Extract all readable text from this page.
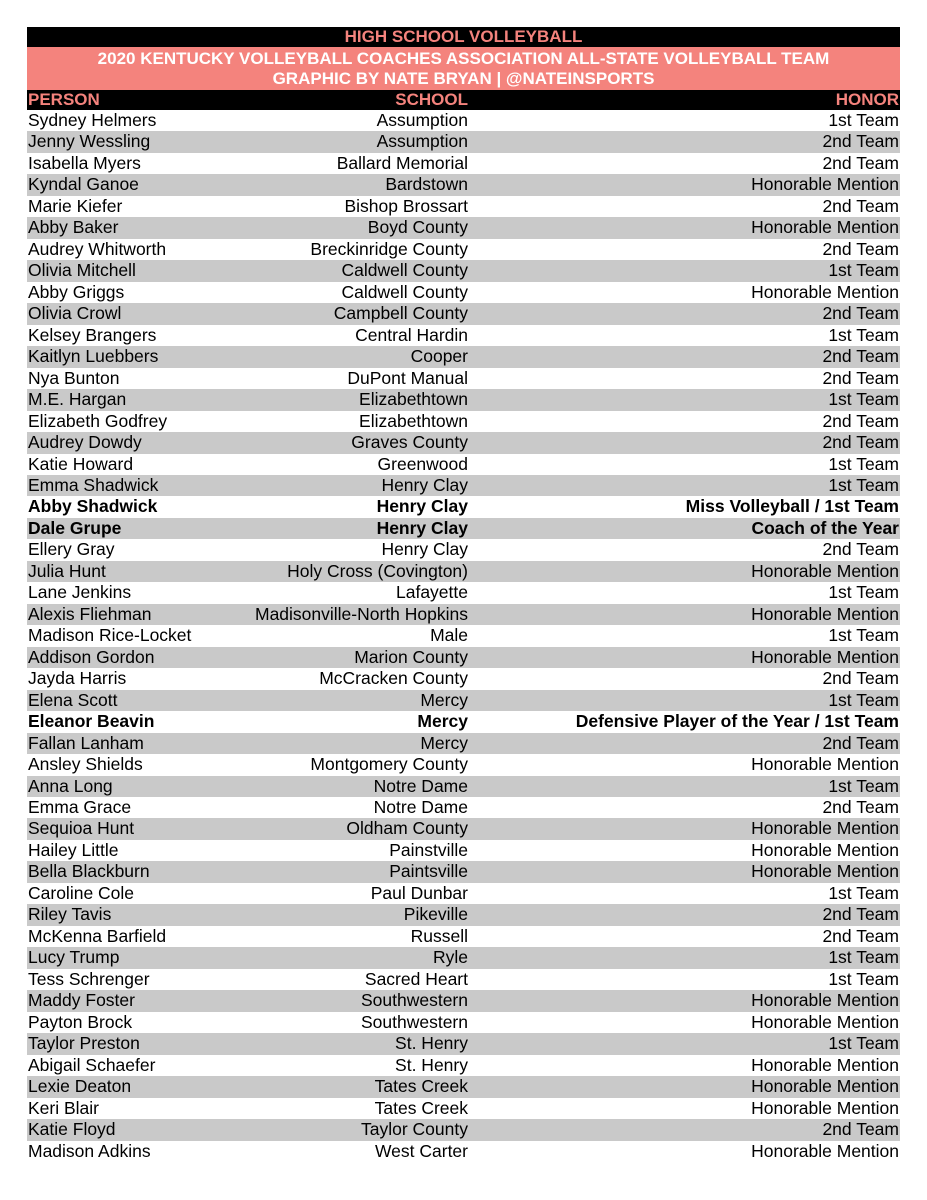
HIGH SCHOOL VOLLEYBALL
2020 KENTUCKY VOLLEYBALL COACHES ASSOCIATION ALL-STATE VOLLEYBALL TEAM
GRAPHIC BY NATE BRYAN | @NATEINSPORTS
PERSON	SCHOOL	HONOR
Sydney Helmers	Assumption	1st Team
Jenny Wessling	Assumption	2nd Team
Isabella Myers	Ballard Memorial	2nd Team
Kyndal Ganoe	Bardstown	Honorable Mention
Marie Kiefer	Bishop Brossart	2nd Team
Abby Baker	Boyd County	Honorable Mention
Audrey Whitworth	Breckinridge County	2nd Team
Olivia Mitchell	Caldwell County	1st Team
Abby Griggs	Caldwell County	Honorable Mention
Olivia Crowl	Campbell County	2nd Team
Kelsey Brangers	Central Hardin	1st Team
Kaitlyn Luebbers	Cooper	2nd Team
Nya Bunton	DuPont Manual	2nd Team
M.E. Hargan	Elizabethtown	1st Team
Elizabeth Godfrey	Elizabethtown	2nd Team
Audrey Dowdy	Graves County	2nd Team
Katie Howard	Greenwood	1st Team
Emma Shadwick	Henry Clay	1st Team
Abby Shadwick	Henry Clay	Miss Volleyball / 1st Team
Dale Grupe	Henry Clay	Coach of the Year
Ellery Gray	Henry Clay	2nd Team
Julia Hunt	Holy Cross (Covington)	Honorable Mention
Lane Jenkins	Lafayette	1st Team
Alexis Fliehman	Madisonville-North Hopkins	Honorable Mention
Madison Rice-Locket	Male	1st Team
Addison Gordon	Marion County	Honorable Mention
Jayda Harris	McCracken County	2nd Team
Elena Scott	Mercy	1st Team
Eleanor Beavin	Mercy	Defensive Player of the Year / 1st Team
Fallan Lanham	Mercy	2nd Team
Ansley Shields	Montgomery County	Honorable Mention
Anna Long	Notre Dame	1st Team
Emma Grace	Notre Dame	2nd Team
Sequioa Hunt	Oldham County	Honorable Mention
Hailey Little	Painstville	Honorable Mention
Bella Blackburn	Paintsville	Honorable Mention
Caroline Cole	Paul Dunbar	1st Team
Riley Tavis	Pikeville	2nd Team
McKenna Barfield	Russell	2nd Team
Lucy Trump	Ryle	1st Team
Tess Schrenger	Sacred Heart	1st Team
Maddy Foster	Southwestern	Honorable Mention
Payton Brock	Southwestern	Honorable Mention
Taylor Preston	St. Henry	1st Team
Abigail Schaefer	St. Henry	Honorable Mention
Lexie Deaton	Tates Creek	Honorable Mention
Keri Blair	Tates Creek	Honorable Mention
Katie Floyd	Taylor County	2nd Team
Madison Adkins	West Carter	Honorable Mention
